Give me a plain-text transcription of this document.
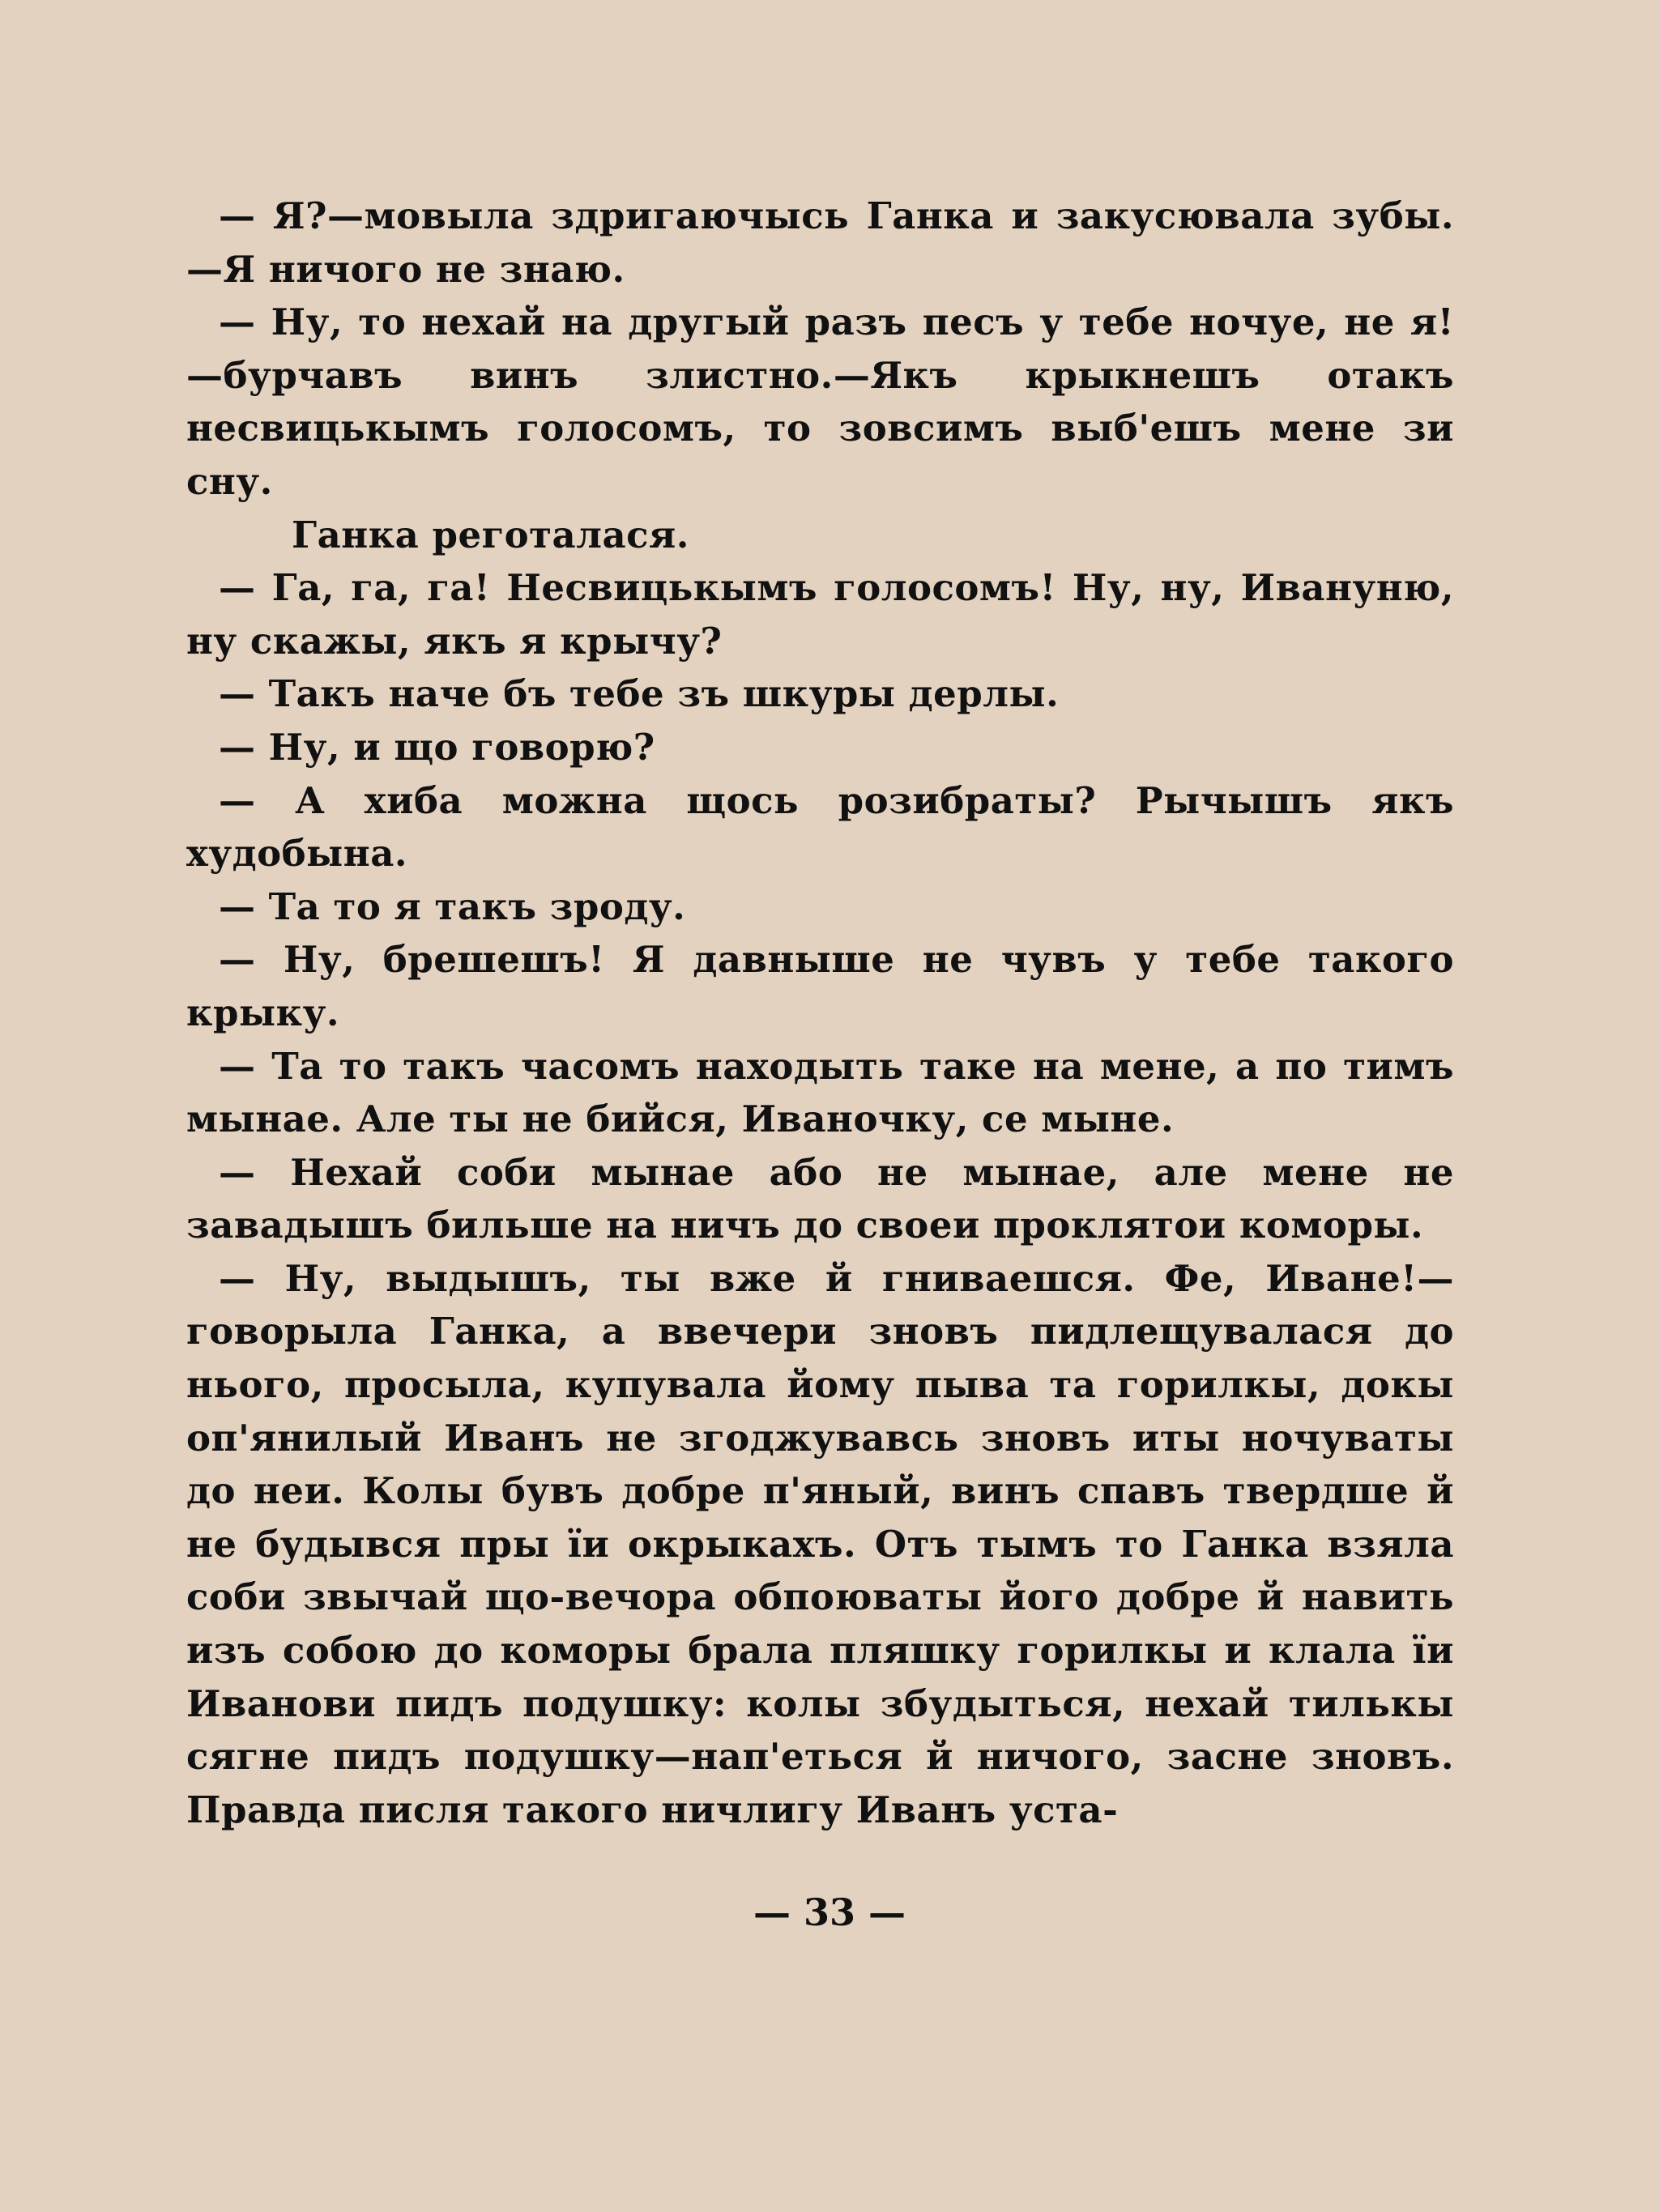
— Я?—мовыла здригаючысь Ганка и закусювала зубы.—Я ничого не знаю.

— Ну, то нехай на другый разъ песъ у тебе ночуе, не я!—бурчавъ винъ злистно.—Якъ крыкнешъ отакъ несвицькымъ голосомъ, то зовсимъ выб'ешъ мене зи сну.

Ганка реготалася.

— Га, га, га! Несвицькымъ голосомъ! Ну, ну, Ивануню, ну скажы, якъ я крычу?

— Такъ наче бъ тебе зъ шкуры дерлы.

— Ну, и що говорю?

— А хиба можна щось розибраты? Рычышъ якъ худобына.

— Та то я такъ зроду.

— Ну, брешешъ! Я давныше не чувъ у тебе такого крыку.

— Та то такъ часомъ находыть таке на мене, а по тимъ мынае. Але ты не бийся, Иваночку, се мыне.

— Нехай соби мынае або не мынае, але мене не завадышъ бильше на ничъ до своеи проклятои коморы.

— Ну, выдышъ, ты вже й гниваешся. Фе, Иване!—говорыла Ганка, а ввечери зновъ пидлещувалася до нього, просыла, купувала йому пыва та горилкы, докы оп'янилый Иванъ не згоджувавсь зновъ иты ночуваты до неи. Колы бувъ добре п'яный, винъ спавъ твердше й не будывся пры ïи окрыкахъ. Отъ тымъ то Ганка взяла соби звычай що-вечора обпоюваты його добре й навить изъ собою до коморы брала пляшку горилкы и клала ïи Иванови пидъ подушку: колы збудыться, нехай тилькы сягне пидъ подушку—нап'еться й ничого, засне зновъ. Правда писля такого ничлигу Иванъ уста-

— 33 —
